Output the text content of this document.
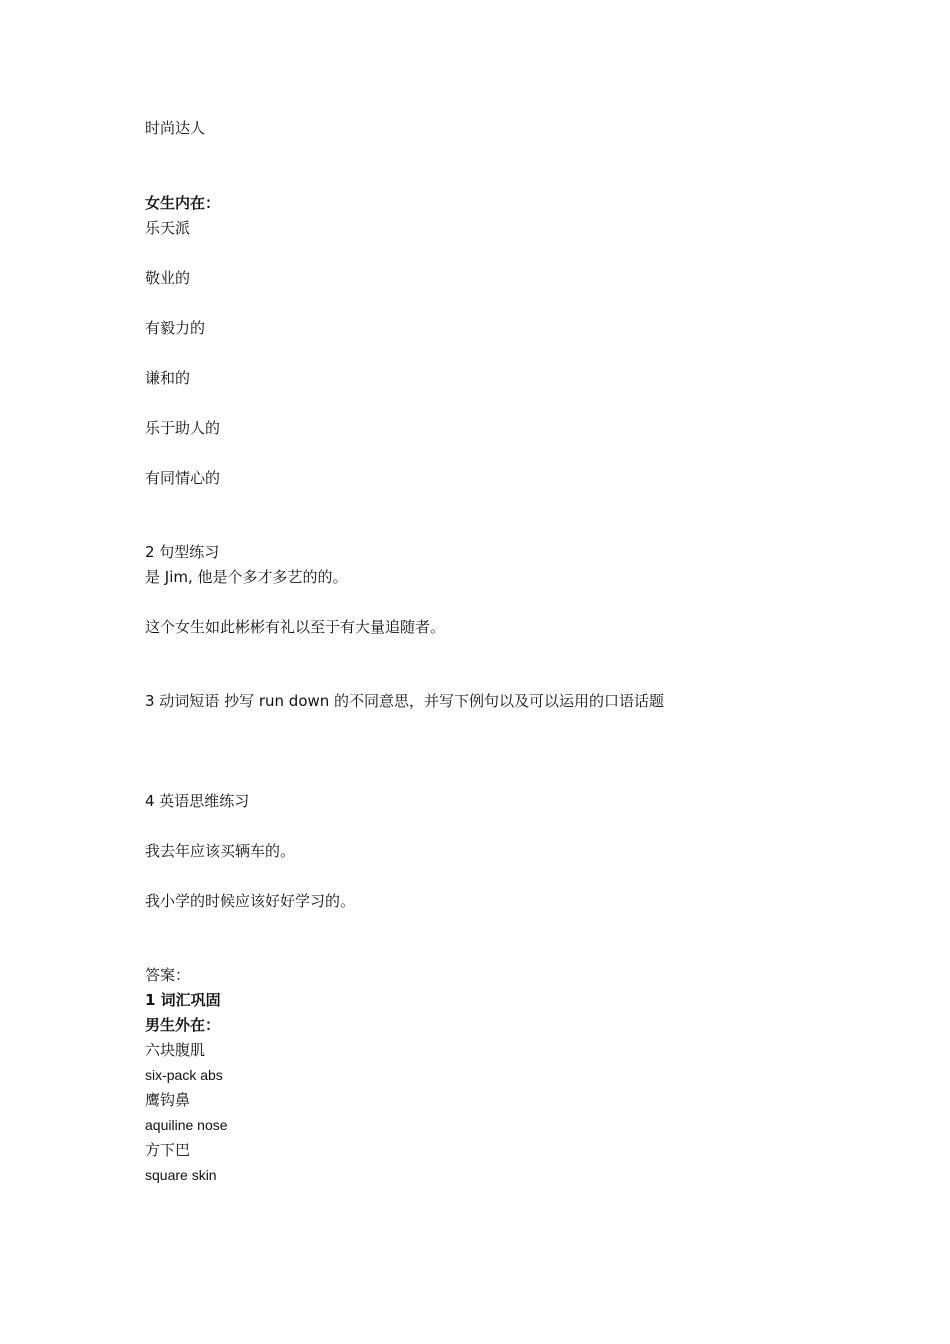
时尚达人
女生内在：
乐天派
敬业的
有毅力的
谦和的
乐于助人的
有同情心的
2 句型练习
是 Jim, 他是个多才多艺的的。
这个女生如此彬彬有礼以至于有大量追随者。
3 动词短语 抄写 run down 的不同意思，并写下例句以及可以运用的口语话题
4 英语思维练习
我去年应该买辆车的。
我小学的时候应该好好学习的。
答案：
1 词汇巩固
男生外在：
六块腹肌
six-pack abs
鹰钩鼻
aquiline nose
方下巴
square skin
